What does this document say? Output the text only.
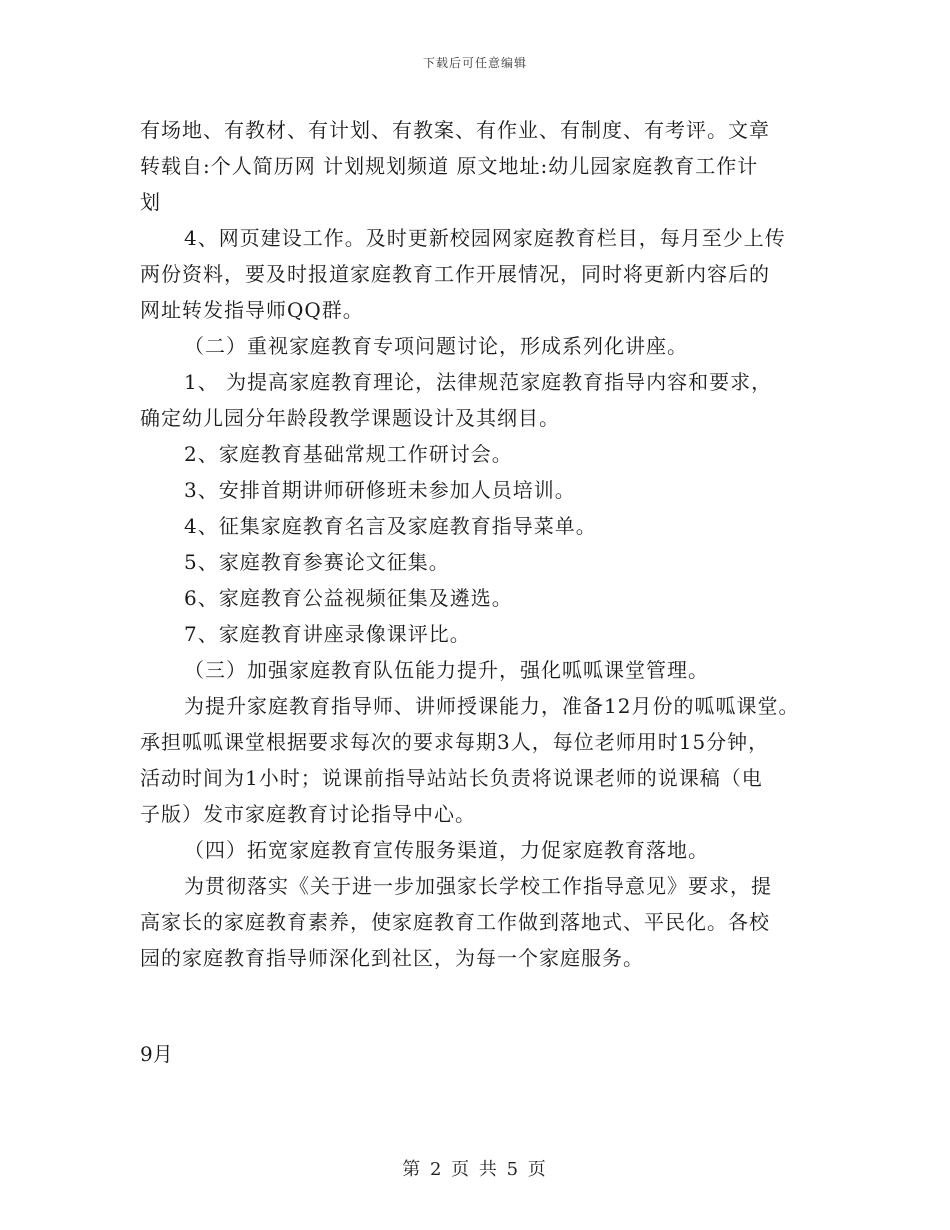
下载后可任意编辑
有场地、有教材、有计划、有教案、有作业、有制度、有考评。文章
转载自:个人简历网 计划规划频道 原文地址:幼儿园家庭教育工作计
划
4、网页建设工作。及时更新校园网家庭教育栏目，每月至少上传
两份资料，要及时报道家庭教育工作开展情况，同时将更新内容后的
网址转发指导师QQ群。
（二）重视家庭教育专项问题讨论，形成系列化讲座。
1、 为提高家庭教育理论，法律规范家庭教育指导内容和要求，
确定幼儿园分年龄段教学课题设计及其纲目。
2、家庭教育基础常规工作研讨会。
3、安排首期讲师研修班未参加人员培训。
4、征集家庭教育名言及家庭教育指导菜单。
5、家庭教育参赛论文征集。
6、家庭教育公益视频征集及遴选。
7、家庭教育讲座录像课评比。
（三）加强家庭教育队伍能力提升，强化呱呱课堂管理。
为提升家庭教育指导师、讲师授课能力，准备12月份的呱呱课堂。
承担呱呱课堂根据要求每次的要求每期3人，每位老师用时15分钟，
活动时间为1小时；说课前指导站站长负责将说课老师的说课稿（电
子版）发市家庭教育讨论指导中心。
（四）拓宽家庭教育宣传服务渠道，力促家庭教育落地。
为贯彻落实《关于进一步加强家长学校工作指导意见》要求，提
高家长的家庭教育素养，使家庭教育工作做到落地式、平民化。各校
园的家庭教育指导师深化到社区，为每一个家庭服务。
9月
第 2 页 共 5 页
